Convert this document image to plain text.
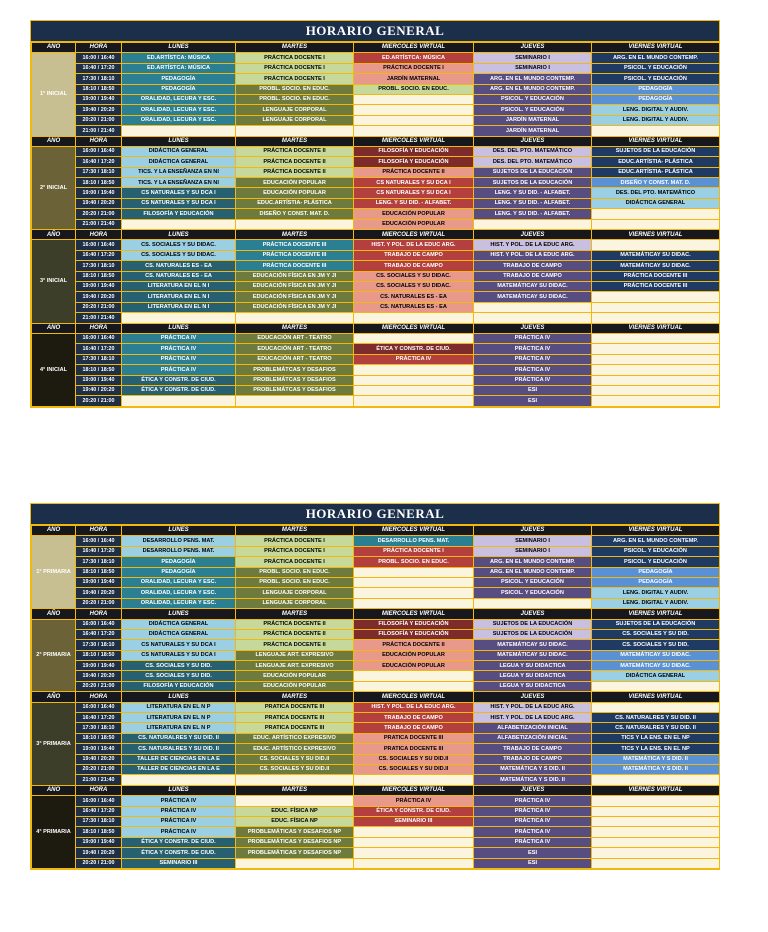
HORARIO GENERAL
AÑO	HORA	LUNES	MARTES	MIERCOLES VIRTUAL	JUEVES	VIERNES VIRTUAL
1° INICIAL	16:00 / 16:40	ED.ARTÍSTCA: MÚSICA	PRÁCTICA DOCENTE I	ED.ARTÍSTCA: MÚSICA	SEMINARIO I	ARG. EN EL MUNDO CONTEMP.
	16:40 / 17:20	ED.ARTÍSTCA: MÚSICA	PRÁCTICA DOCENTE I	PRÁCTICA DOCENTE I	SEMINARIO I	PSICOL. Y EDUCACIÓN
	17:30 / 18:10	PEDAGOGÍA	PRÁCTICA DOCENTE I	JARDÍN MATERNAL	ARG. EN EL MUNDO CONTEMP.	PSICOL. Y EDUCACIÓN
	18:10 / 18:50	PEDAGOGÍA	PROBL. SOCIO. EN EDUC.	PROBL. SOCIO. EN EDUC.	ARG. EN EL MUNDO CONTEMP.	PEDAGOGÍA
	19:00 / 19:40	ORALIDAD, LECURA Y ESC.	PROBL. SOCIO. EN EDUC.		PSICOL. Y EDUCACIÓN	PEDAGOGÍA
	19:40 / 20:20	ORALIDAD, LECURA Y ESC.	LENGUAJE CORPORAL		PSICOL. Y EDUCACIÓN	LENG. DIGITAL Y AUDIV.
	20:20 / 21:00	ORALIDAD, LECURA Y ESC.	LENGUAJE CORPORAL		JARDÍN MATERNAL	LENG. DIGITAL Y AUDIV.
	21:00 / 21:40				JARDÍN MATERNAL	
AÑO	HORA	LUNES	MARTES	MIERCOLES VIRTUAL	JUEVES	VIERNES VIRTUAL
2° INICIAL	16:00 / 16:40	DIDÁCTICA GENERAL	PRÁCTICA DOCENTE II	FILOSOFÍA Y EDUCACIÓN	DES. DEL PTO. MATEMÁTICO	SUJETOS DE LA EDUCACIÓN
	16:40 / 17:20	DIDÁCTICA GENERAL	PRÁCTICA DOCENTE II	FILOSOFÍA Y EDUCACIÓN	DES. DEL PTO. MATEMÁTICO	EDUC.ARTÍSTIA- PLÁSTICA
	17:30 / 18:10	TICS. Y LA ENSEÑANZA EN NI	PRÁCTICA DOCENTE II	PRÁCTICA DOCENTE II	SUJETOS DE LA EDUCACIÓN	EDUC.ARTÍSTIA- PLÁSTICA
	18:10 / 18:50	TICS. Y LA ENSEÑANZA EN NI	EDUCACIÓN POPULAR	CS NATURALES Y SU DCA I	SUJETOS DE LA EDUCACIÓN	DISEÑO Y CONST. MAT. D.
	19:00 / 19:40	CS NATURALES Y SU DCA I	EDUCACIÓN POPULAR	CS NATURALES Y SU DCA I	LENG. Y SU DID. - ALFABET.	DES. DEL PTO. MATEMÁTICO
	19:40 / 20:20	CS NATURALES Y SU DCA I	EDUC.ARTÍSTIA- PLÁSTICA	LENG. Y SU DID. - ALFABET.	LENG. Y SU DID. - ALFABET.	DIDÁCTICA GENERAL
	20:20 / 21:00	FILOSOFÍA Y EDUCACIÓN	DISEÑO Y CONST. MAT. D.	EDUCACIÓN POPULAR	LENG. Y SU DID. - ALFABET.	
	21:00 / 21:40			EDUCACIÓN POPULAR		
AÑO	HORA	LUNES	MARTES	MIERCOLES VIRTUAL	JUEVES	VIERNES VIRTUAL
3° INICIAL	16:00 / 16:40	CS. SOCIALES Y SU DIDAC.	PRÁCTICA DOCENTE III	HIST. Y POL. DE LA EDUC ARG.	HIST. Y POL. DE LA EDUC ARG.	
	16:40 / 17:20	CS. SOCIALES Y SU DIDAC.	PRÁCTICA DOCENTE III	TRABAJO DE CAMPO	HIST. Y POL. DE LA EDUC ARG.	MATEMÁTICAY SU DIDAC.
	17:30 / 18:10	CS. NATURALES ES - EA	PRÁCTICA DOCENTE III	TRABAJO DE CAMPO	TRABAJO DE CAMPO	MATEMÁTICAY SU DIDAC.
	18:10 / 18:50	CS. NATURALES ES - EA	EDUCACIÓN FÍSICA EN JM Y JI	CS. SOCIALES Y SU DIDAC.	TRABAJO DE CAMPO	PRÁCTICA DOCENTE III
	19:00 / 19:40	LITERATURA EN EL N I	EDUCACIÓN FÍSICA EN JM Y JI	CS. SOCIALES Y SU DIDAC.	MATEMÁTICAY SU DIDAC.	PRÁCTICA DOCENTE III
	19:40 / 20:20	LITERATURA EN EL N I	EDUCACIÓN FÍSICA EN JM Y JI	CS. NATURALES ES - EA	MATEMÁTICAY SU DIDAC.	
	20:20 / 21:00	LITERATURA EN EL N I	EDUCACIÓN FÍSICA EN JM Y JI	CS. NATURALES ES - EA		
	21:00 / 21:40					
AÑO	HORA	LUNES	MARTES	MIERCOLES VIRTUAL	JUEVES	VIERNES VIRTUAL
4° INICIAL	16:00 / 16:40	PRÁCTICA IV	EDUCACIÓN ART - TEATRO		PRÁCTICA IV	
	16:40 / 17:20	PRÁCTICA IV	EDUCACIÓN ART - TEATRO	ÉTICA Y CONSTR. DE CIUD.	PRÁCTICA IV	
	17:30 / 18:10	PRÁCTICA IV	EDUCACIÓN ART - TEATRO	PRÁCTICA IV	PRÁCTICA IV	
	18:10 / 18:50	PRÁCTICA IV	PROBLEMÁTCAS Y DESAFIOS		PRÁCTICA IV	
	19:00 / 19:40	ÉTICA Y CONSTR. DE CIUD.	PROBLEMÁTCAS Y DESAFIOS		PRÁCTICA IV	
	19:40 / 20:20	ÉTICA Y CONSTR. DE CIUD.	PROBLEMÁTCAS Y DESAFIOS		ESI	
	20:20 / 21:00				ESI	
HORARIO GENERAL
AÑO	HORA	LUNES	MARTES	MIERCOLES VIRTUAL	JUEVES	VIERNES VIRTUAL
1° PRIMARIA	16:00 / 16:40	DESARROLLO PENS. MAT.	PRÁCTICA DOCENTE I	DESARROLLO PENS. MAT.	SEMINARIO I	ARG. EN EL MUNDO CONTEMP.
	16:40 / 17:20	DESARROLLO PENS. MAT.	PRÁCTICA DOCENTE I	PRÁCTICA DOCENTE I	SEMINARIO I	PSICOL. Y EDUCACIÓN
	17:30 / 18:10	PEDAGOGÍA	PRÁCTICA DOCENTE I	PROBL. SOCIO. EN EDUC.	ARG. EN EL MUNDO CONTEMP.	PSICOL. Y EDUCACIÓN
	18:10 / 18:50	PEDAGOGÍA	PROBL. SOCIO. EN EDUC.		ARG. EN EL MUNDO CONTEMP.	PEDAGOGÍA
	19:00 / 19:40	ORALIDAD, LECURA Y ESC.	PROBL. SOCIO. EN EDUC.		PSICOL. Y EDUCACIÓN	PEDAGOGÍA
	19:40 / 20:20	ORALIDAD, LECURA Y ESC.	LENGUAJE CORPORAL		PSICOL. Y EDUCACIÓN	LENG. DIGITAL Y AUDIV.
	20:20 / 21:00	ORALIDAD, LECURA Y ESC.	LENGUAJE CORPORAL			LENG. DIGITAL Y AUDIV.
AÑO	HORA	LUNES	MARTES	MIERCOLES VIRTUAL	JUEVES	VIERNES VIRTUAL
2° PRIMARIA	16:00 / 16:40	DIDÁCTICA GENERAL	PRÁCTICA DOCENTE II	FILOSOFÍA Y EDUCACIÓN	SUJETOS DE LA EDUCACIÓN	SUJETOS DE LA EDUCACIÓN
	16:40 / 17:20	DIDÁCTICA GENERAL	PRÁCTICA DOCENTE II	FILOSOFÍA Y EDUCACIÓN	SUJETOS DE LA EDUCACIÓN	CS. SOCIALES Y SU DID.
	17:30 / 18:10	CS NATURALES Y SU DCA I	PRÁCTICA DOCENTE II	PRÁCTICA DOCENTE II	MATEMÁTICAY SU DIDAC.	CS. SOCIALES Y SU DID.
	18:10 / 18:50	CS NATURALES Y SU DCA I	LENGUAJE ART. EXPRESIVO	EDUCACIÓN POPULAR	MATEMÁTICAY SU DIDAC.	MATEMÁTICAY SU DIDAC.
	19:00 / 19:40	CS. SOCIALES Y SU DID.	LENGUAJE ART. EXPRESIVO	EDUCACIÓN POPULAR	LEGUA Y SU DIDACTICA	MATEMÁTICAY SU DIDAC.
	19:40 / 20:20	CS. SOCIALES Y SU DID.	EDUCACIÓN POPULAR		LEGUA Y SU DIDACTICA	DIDÁCTICA GENERAL
	20:20 / 21:00	FILOSOFÍA Y EDUCACIÓN	EDUCACIÓN POPULAR		LEGUA Y SU DIDACTICA	
AÑO	HORA	LUNES	MARTES	MIERCOLES VIRTUAL	JUEVES	VIERNES VIRTUAL
3° PRIMARIA	16:00 / 16:40	LITERATURA EN EL N P	PRATICA DOCENTE III	HIST. Y POL. DE LA EDUC ARG.	HIST. Y POL. DE LA EDUC ARG.	
	16:40 / 17:20	LITERATURA EN EL N P	PRATICA DOCENTE III	TRABAJO DE CAMPO	HIST. Y POL. DE LA EDUC ARG.	CS. NATURALRES Y SU DID. II
	17:30 / 18:10	LITERATURA EN EL N P	PRATICA DOCENTE III	TRABAJO DE CAMPO	ALFABETIZACIÓN INICIAL	CS. NATURALRES Y SU DID. II
	18:10 / 18:50	CS. NATURALRES Y SU DID. II	EDUC. ARTÍSTICO EXPRESIVO	PRATICA DOCENTE III	ALFABETIZACIÓN INICIAL	TICS Y LA ENS. EN EL NP
	19:00 / 19:40	CS. NATURALRES Y SU DID. II	EDUC. ARTÍSTICO EXPRESIVO	PRATICA DOCENTE III	TRABAJO DE CAMPO	TICS Y LA ENS. EN EL NP
	19:40 / 20:20	TALLER DE CIENCIAS EN LA E	CS. SOCIALES Y SU DID.II	CS. SOCIALES Y SU DID.II	TRABAJO DE CAMPO	MATEMÁTICA Y S DID. II
	20:20 / 21:00	TALLER DE CIENCIAS EN LA E	CS. SOCIALES Y SU DID.II	CS. SOCIALES Y SU DID.II	MATEMÁTICA Y S DID. II	MATEMÁTICA Y S DID. II
	21:00 / 21:40				MATEMÁTICA Y S DID. II	
AÑO	HORA	LUNES	MARTES	MIERCOLES VIRTUAL	JUEVES	VIERNES VIRTUAL
4° PRIMARIA	16:00 / 16:40	PRÁCTICA IV		PRÁCTICA IV	PRÁCTICA IV	
	16:40 / 17:20	PRÁCTICA IV	EDUC. FÍSICA NP	ÉTICA Y CONSTR. DE CIUD.	PRÁCTICA IV	
	17:30 / 18:10	PRÁCTICA IV	EDUC. FÍSICA NP	SEMINARIO III	PRÁCTICA IV	
	18:10 / 18:50	PRÁCTICA IV	PROBLEMÁTICAS Y DESAFIOS NP		PRÁCTICA IV	
	19:00 / 19:40	ÉTICA Y CONSTR. DE CIUD.	PROBLEMÁTICAS Y DESAFIOS NP		PRÁCTICA IV	
	19:40 / 20:20	ÉTICA Y CONSTR. DE CIUD.	PROBLEMÁTICAS Y DESAFIOS NP		ESI	
	20:20 / 21:00	SEMINARIO III			ESI	
